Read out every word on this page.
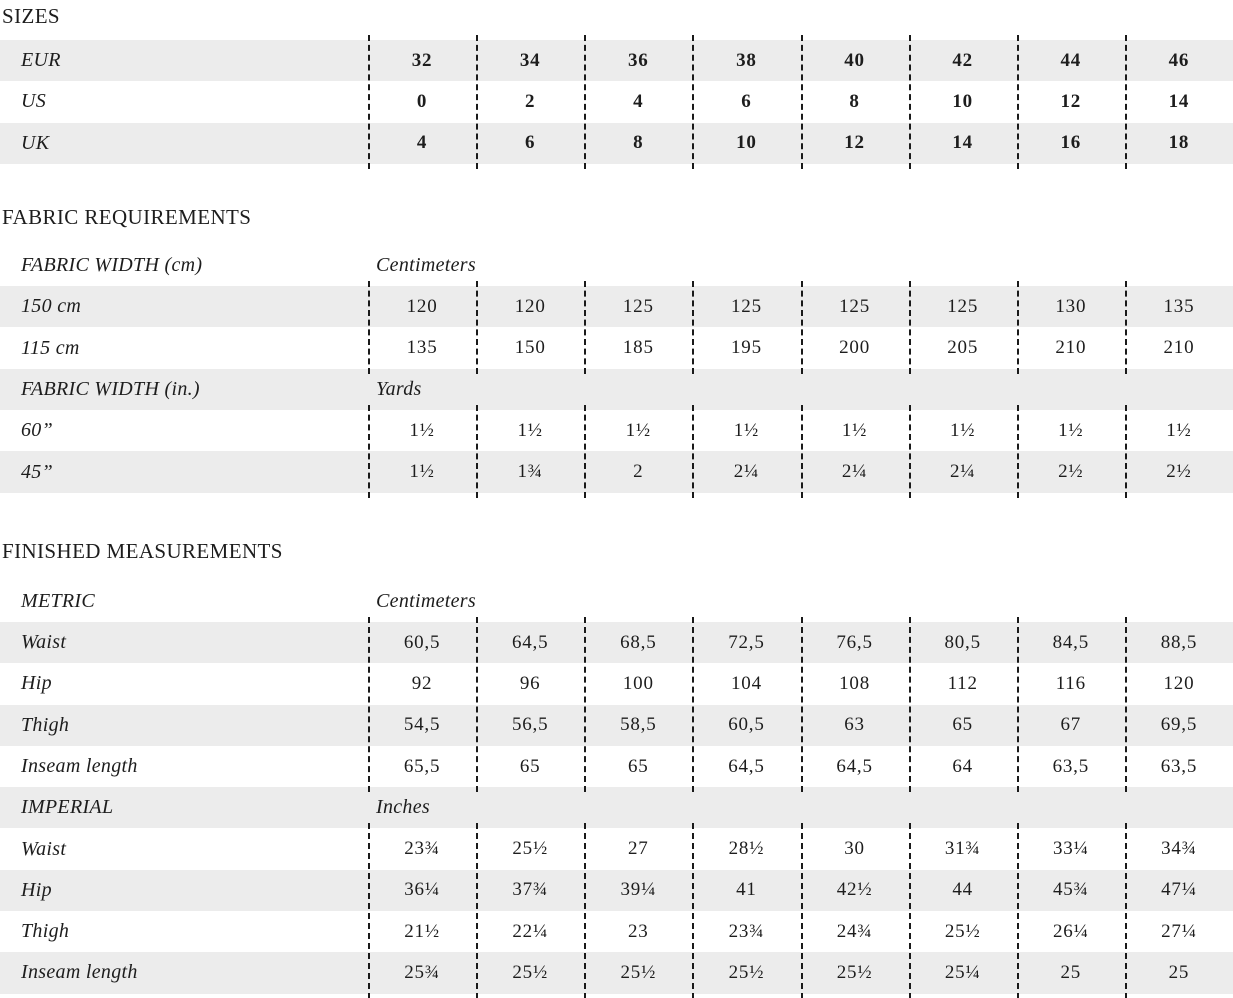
SIZES
EUR	32	34	36	38	40	42	44	46
US	0	2	4	6	8	10	12	14
UK	4	6	8	10	12	14	16	18
FABRIC REQUIREMENTS
FABRIC WIDTH (cm)	Centimeters
150 cm	120	120	125	125	125	125	130	135
115 cm	135	150	185	195	200	205	210	210
FABRIC WIDTH (in.)	Yards
60”	1½	1½	1½	1½	1½	1½	1½	1½
45”	1½	1¾	2	2¼	2¼	2¼	2½	2½
FINISHED MEASUREMENTS
METRIC	Centimeters
Waist	60,5	64,5	68,5	72,5	76,5	80,5	84,5	88,5
Hip	92	96	100	104	108	112	116	120
Thigh	54,5	56,5	58,5	60,5	63	65	67	69,5
Inseam length	65,5	65	65	64,5	64,5	64	63,5	63,5
IMPERIAL	Inches
Waist	23¾	25½	27	28½	30	31¾	33¼	34¾
Hip	36¼	37¾	39¼	41	42½	44	45¾	47¼
Thigh	21½	22¼	23	23¾	24¾	25½	26¼	27¼
Inseam length	25¾	25½	25½	25½	25½	25¼	25	25
